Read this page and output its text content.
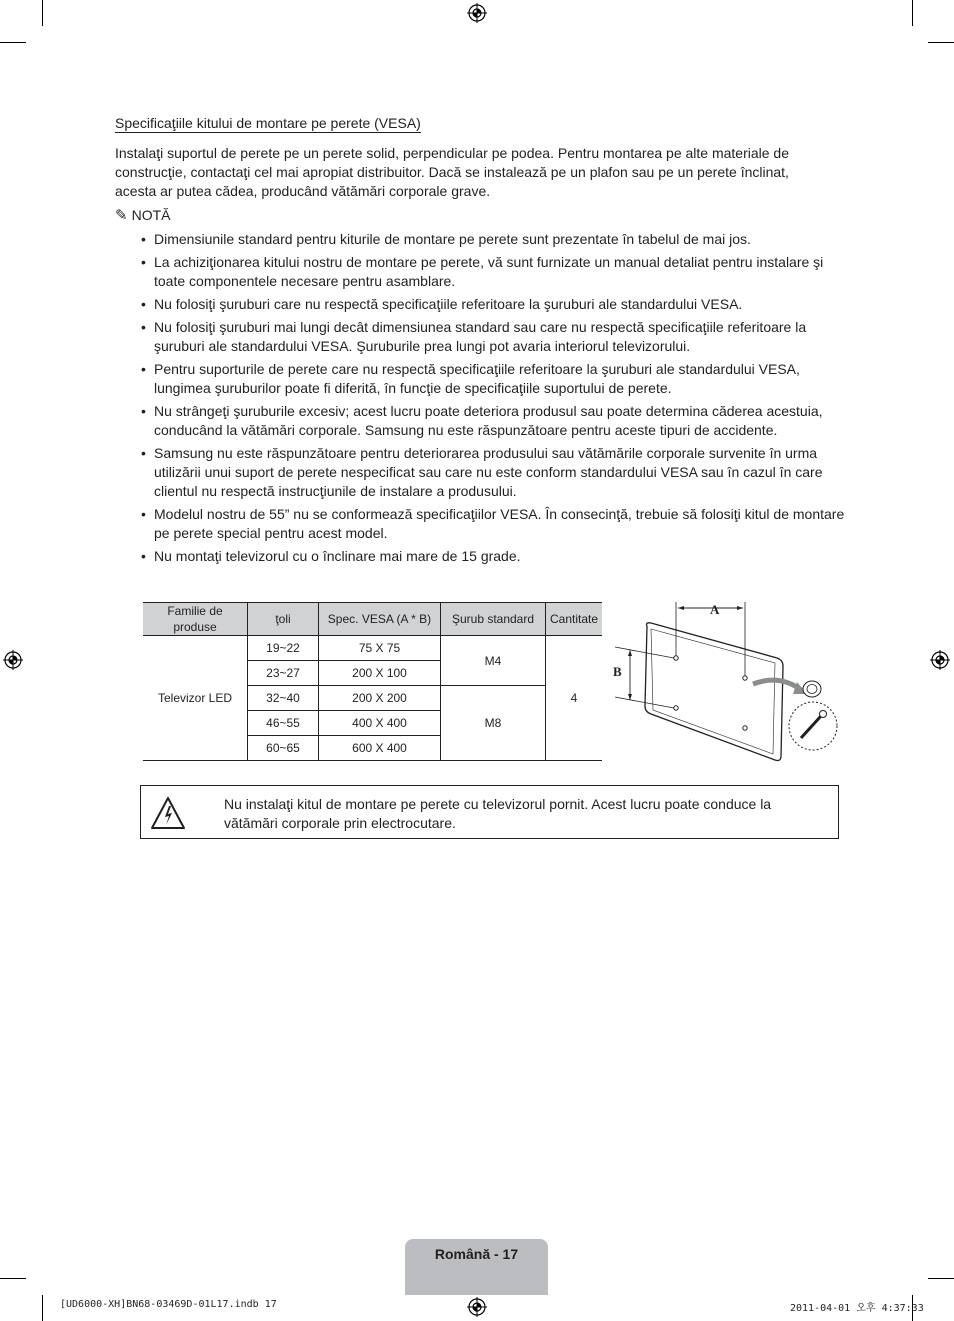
Specificaţiile kitului de montare pe perete (VESA)
Instalaţi suportul de perete pe un perete solid, perpendicular pe podea. Pentru montarea pe alte materiale de
construcţie, contactaţi cel mai apropiat distribuitor. Dacă se instalează pe un plafon sau pe un perete înclinat,
acesta ar putea cădea, producând vătămări corporale grave.
✎ NOTĂ
• Dimensiunile standard pentru kiturile de montare pe perete sunt prezentate în tabelul de mai jos.
• La achiziţionarea kitului nostru de montare pe perete, vă sunt furnizate un manual detaliat pentru instalare şi toate componentele necesare pentru asamblare.
• Nu folosiţi şuruburi care nu respectă specificaţiile referitoare la şuruburi ale standardului VESA.
• Nu folosiţi şuruburi mai lungi decât dimensiunea standard sau care nu respectă specificaţiile referitoare la şuruburi ale standardului VESA. Şuruburile prea lungi pot avaria interiorul televizorului.
• Pentru suporturile de perete care nu respectă specificaţiile referitoare la şuruburi ale standardului VESA, lungimea şuruburilor poate fi diferită, în funcţie de specificaţiile suportului de perete.
• Nu strângeţi şuruburile excesiv; acest lucru poate deteriora produsul sau poate determina căderea acestuia, conducând la vătămări corporale. Samsung nu este răspunzătoare pentru aceste tipuri de accidente.
• Samsung nu este răspunzătoare pentru deteriorarea produsului sau vătămările corporale survenite în urma utilizării unui suport de perete nespecificat sau care nu este conform standardului VESA sau în cazul în care clientul nu respectă instrucţiunile de instalare a produsului.
• Modelul nostru de 55” nu se conformează specificaţiilor VESA. În consecinţă, trebuie să folosiţi kitul de montare pe perete special pentru acest model.
• Nu montaţi televizorul cu o înclinare mai mare de 15 grade.
Familie de
produse	ţoli	Spec. VESA (A * B)	Şurub standard	Cantitate
Televizor LED	19~22	75 X 75	M4	4
	23~27	200 X 100		
	32~40	200 X 200	M8	
	46~55	400 X 400		
	60~65	600 X 400		
A
B
Nu instalaţi kitul de montare pe perete cu televizorul pornit. Acest lucru poate conduce la
vătămări corporale prin electrocutare.
Română - 17
[UD6000-XH]BN68-03469D-01L17.indb 17	2011-04-01 오후 4:37:33
